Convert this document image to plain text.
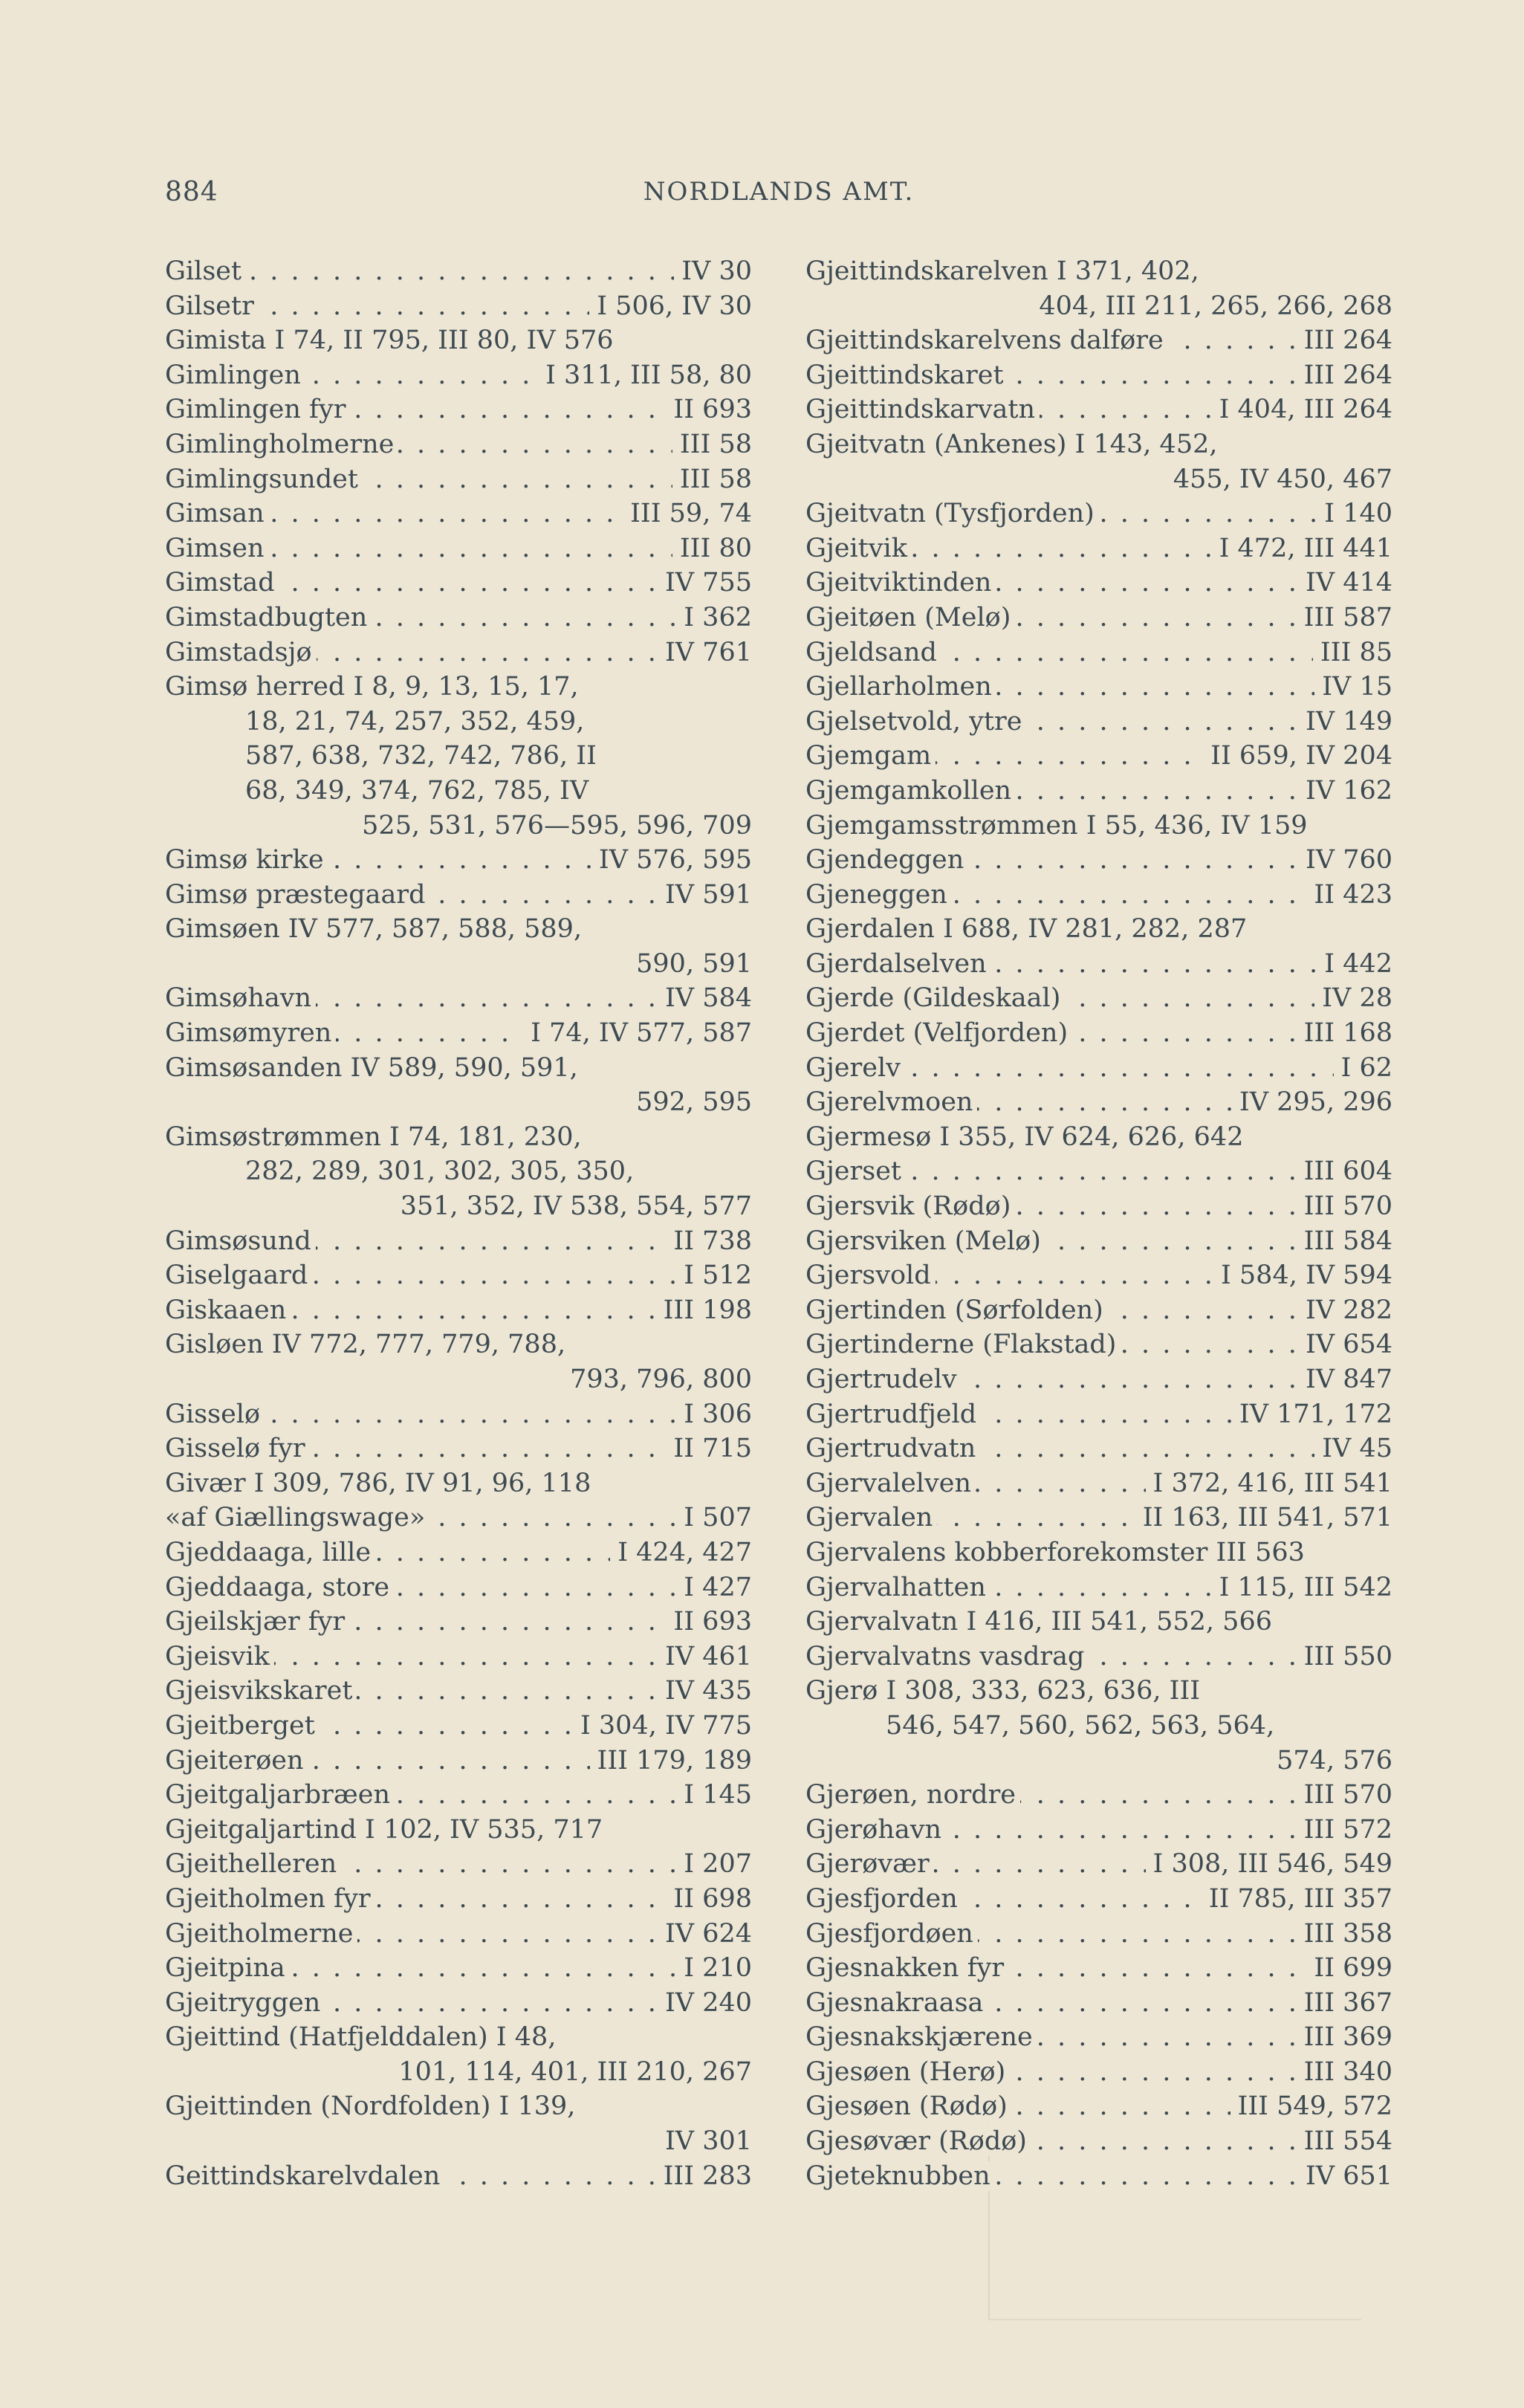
884	NORDLANDS AMT.
. . . IV 30
Gilset
. . . I 506, IV 30
Gilsetr
Gimista I 74, II 795, III 80, IV 576
. . . I 311, III 58, 80
Gimlingen
. . . II 693
Gimlingen fyr
. . . III 58
Gimlingholmerne
. . . III 58
Gimlingsundet
. . . III 59, 74
Gimsan
. . . III 80
Gimsen
. . . IV 755
Gimstad
. . . I 362
Gimstadbugten
. . . IV 761
Gimstadsjø
Gimsø herred I 8, 9, 13, 15, 17,
18, 21, 74, 257, 352, 459,
587, 638, 732, 742, 786, II
68, 349, 374, 762, 785, IV
525, 531, 576—595, 596, 709
. . . IV 576, 595
Gimsø kirke
. . . IV 591
Gimsø præstegaard
Gimsøen IV 577, 587, 588, 589,
590, 591
. . . IV 584
Gimsøhavn
. . . I 74, IV 577, 587
Gimsømyren
Gimsøsanden IV 589, 590, 591,
592, 595
Gimsøstrømmen I 74, 181, 230,
282, 289, 301, 302, 305, 350,
351, 352, IV 538, 554, 577
. . . II 738
Gimsøsund
. . . I 512
Giselgaard
. . . III 198
Giskaaen
Gisløen IV 772, 777, 779, 788,
793, 796, 800
. . . I 306
Gisselø
. . . II 715
Gisselø fyr
Givær I 309, 786, IV 91, 96, 118
. . . I 507
«af Giællingswage»
. . . I 424, 427
Gjeddaaga, lille
. . . I 427
Gjeddaaga, store
. . . II 693
Gjeilskjær fyr
. . . IV 461
Gjeisvik
. . . IV 435
Gjeisvikskaret
. . . I 304, IV 775
Gjeitberget
. . . III 179, 189
Gjeiterøen
. . . I 145
Gjeitgaljarbræen
Gjeitgaljartind I 102, IV 535, 717
. . . I 207
Gjeithelleren
. . . II 698
Gjeitholmen fyr
. . . IV 624
Gjeitholmerne
. . . I 210
Gjeitpina
. . . IV 240
Gjeitryggen
Gjeittind (Hatfjelddalen) I 48,
101, 114, 401, III 210, 267
Gjeittinden (Nordfolden) I 139,
IV 301
. . . III 283
Geittindskarelvdalen
Gjeittindskarelven I 371, 402,
404, III 211, 265, 266, 268
. . . III 264
Gjeittindskarelvens dalføre
. . . III 264
Gjeittindskaret
. . . I 404, III 264
Gjeittindskarvatn
Gjeitvatn (Ankenes) I 143, 452,
455, IV 450, 467
. . . I 140
Gjeitvatn (Tysfjorden)
. . . I 472, III 441
Gjeitvik
. . . IV 414
Gjeitviktinden
. . . III 587
Gjeitøen (Melø)
. . . III 85
Gjeldsand
. . . IV 15
Gjellarholmen
. . . IV 149
Gjelsetvold, ytre
. . . II 659, IV 204
Gjemgam
. . . IV 162
Gjemgamkollen
Gjemgamsstrømmen I 55, 436, IV 159
. . . IV 760
Gjendeggen
. . . II 423
Gjeneggen
Gjerdalen I 688, IV 281, 282, 287
. . . I 442
Gjerdalselven
. . . IV 28
Gjerde (Gildeskaal)
. . . III 168
Gjerdet (Velfjorden)
. . . I 62
Gjerelv
. . . IV 295, 296
Gjerelvmoen
Gjermesø I 355, IV 624, 626, 642
. . . III 604
Gjerset
. . . III 570
Gjersvik (Rødø)
. . . III 584
Gjersviken (Melø)
. . . I 584, IV 594
Gjersvold
. . . IV 282
Gjertinden (Sørfolden)
. . . IV 654
Gjertinderne (Flakstad)
. . . IV 847
Gjertrudelv
. . . IV 171, 172
Gjertrudfjeld
. . . IV 45
Gjertrudvatn
. . . I 372, 416, III 541
Gjervalelven
. . . II 163, III 541, 571
Gjervalen
Gjervalens kobberforekomster III 563
. . . I 115, III 542
Gjervalhatten
Gjervalvatn I 416, III 541, 552, 566
. . . III 550
Gjervalvatns vasdrag
Gjerø I 308, 333, 623, 636, III
546, 547, 560, 562, 563, 564,
574, 576
. . . III 570
Gjerøen, nordre
. . . III 572
Gjerøhavn
. . . I 308, III 546, 549
Gjerøvær
. . . II 785, III 357
Gjesfjorden
. . . III 358
Gjesfjordøen
. . . II 699
Gjesnakken fyr
. . . III 367
Gjesnakraasa
. . . III 369
Gjesnakskjærene
. . . III 340
Gjesøen (Herø)
. . . III 549, 572
Gjesøen (Rødø)
. . . III 554
Gjesøvær (Rødø)
. . . IV 651
Gjeteknubben
